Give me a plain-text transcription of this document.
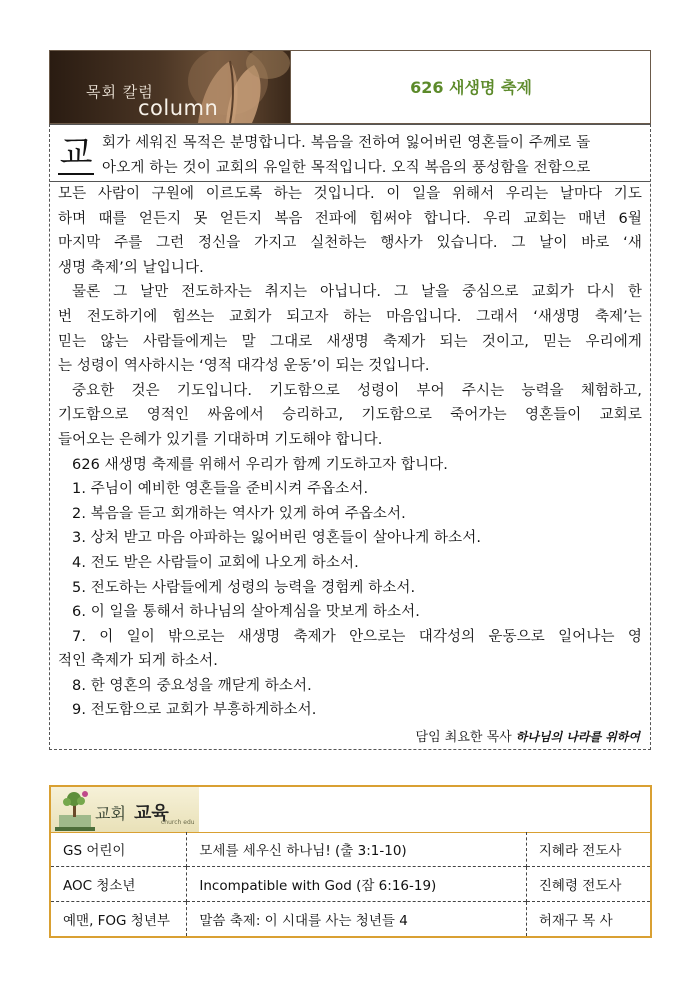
목회 칼럼
column
626 새생명 축제
교 회가 세워진 목적은 분명합니다. 복음을 전하여 잃어버린 영혼들이 주께로 돌
아오게 하는 것이 교회의 유일한 목적입니다. 오직 복음의 풍성함을 전함으로
모든 사람이 구원에 이르도록 하는 것입니다. 이 일을 위해서 우리는 날마다 기도
하며 때를 얻든지 못 얻든지 복음 전파에 힘써야 합니다. 우리 교회는 매년 6월
마지막 주를 그런 정신을 가지고 실천하는 행사가 있습니다. 그 날이 바로 ‘새
생명 축제’의 날입니다.
물론 그 날만 전도하자는 취지는 아닙니다. 그 날을 중심으로 교회가 다시 한
번 전도하기에 힘쓰는 교회가 되고자 하는 마음입니다. 그래서 ‘새생명 축제’는
믿는 않는 사람들에게는 말 그대로 새생명 축제가 되는 것이고, 믿는 우리에게
는 성령이 역사하시는 ‘영적 대각성 운동’이 되는 것입니다.
중요한 것은 기도입니다. 기도함으로 성령이 부어 주시는 능력을 체험하고,
기도함으로 영적인 싸움에서 승리하고, 기도함으로 죽어가는 영혼들이 교회로
들어오는 은혜가 있기를 기대하며 기도해야 합니다.
626 새생명 축제를 위해서 우리가 함께 기도하고자 합니다.
1. 주님이 예비한 영혼들을 준비시켜 주옵소서.
2. 복음을 듣고 회개하는 역사가 있게 하여 주옵소서.
3. 상처 받고 마음 아파하는 잃어버린 영혼들이 살아나게 하소서.
4. 전도 받은 사람들이 교회에 나오게 하소서.
5. 전도하는 사람들에게 성령의 능력을 경험케 하소서.
6. 이 일을 통해서 하나님의 살아계심을 맛보게 하소서.
7. 이 일이 밖으로는 새생명 축제가 안으로는 대각성의 운동으로 일어나는 영
적인 축제가 되게 하소서.
8. 한 영혼의 중요성을 깨닫게 하소서.
9. 전도함으로 교회가 부흥하게하소서.
담임 최요한 목사 하나님의 나라를 위하여
교회 교육
church edu
GS 어린이	모세를 세우신 하나님! (출 3:1-10)	지혜라 전도사
AOC 청소년	Incompatible with God (잠 6:16-19)	진혜령 전도사
예맨, FOG 청년부	말씀 축제: 이 시대를 사는 청년들 4	허재구 목 사
